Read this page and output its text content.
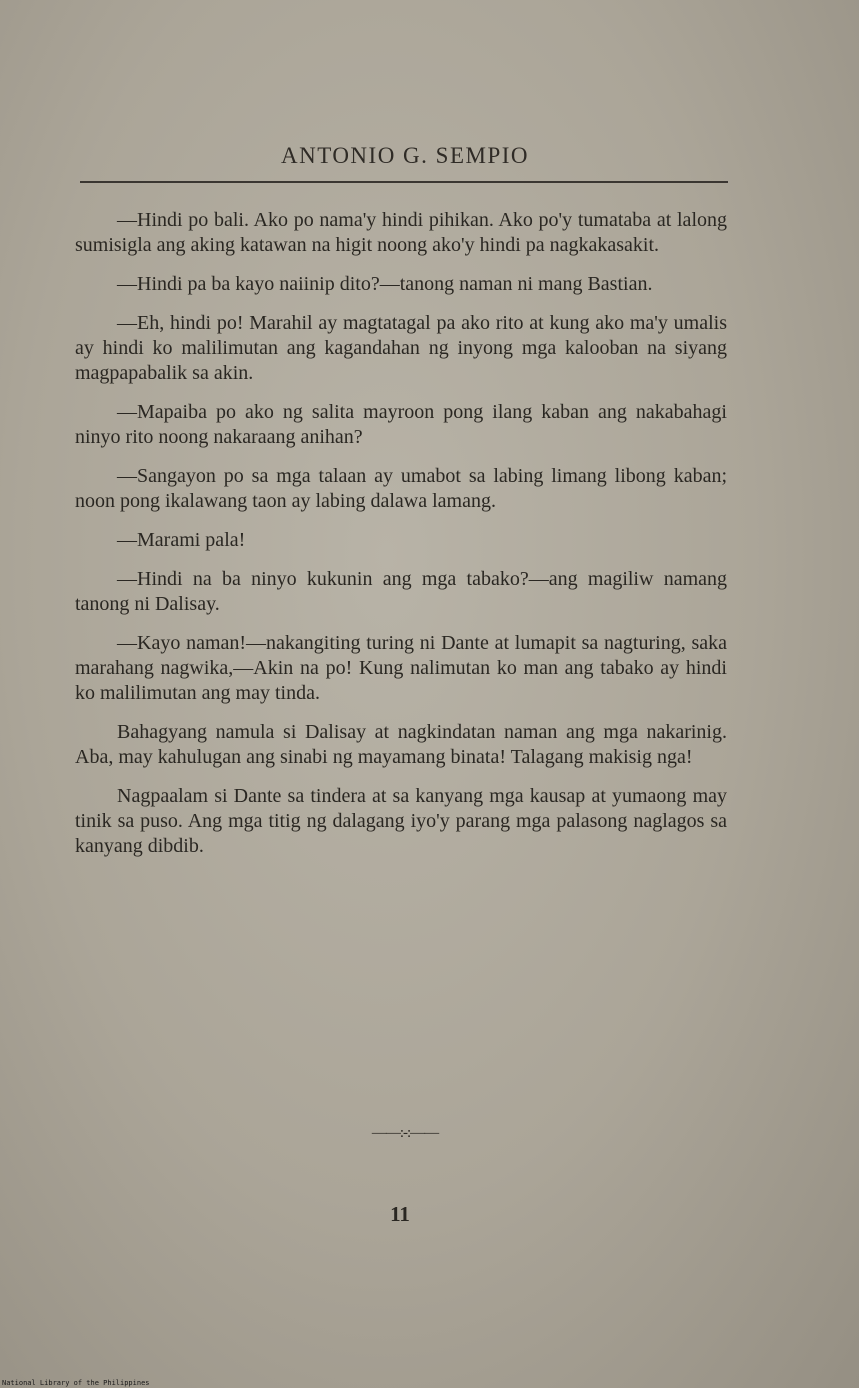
ANTONIO G. SEMPIO

—Hindi po bali. Ako po nama'y hindi pihikan. Ako po'y tumataba at lalong sumisigla ang aking katawan na higit noong ako'y hindi pa nagkakasakit.

—Hindi pa ba kayo naiinip dito?—tanong naman ni mang Bastian.

—Eh, hindi po! Marahil ay magtatagal pa ako rito at kung ako ma'y umalis ay hindi ko malilimutan ang kagandahan ng inyong mga kalooban na siyang magpapabalik sa akin.

—Mapaiba po ako ng salita mayroon pong ilang kaban ang nakabahagi ninyo rito noong nakaraang anihan?

—Sangayon po sa mga talaan ay umabot sa labing limang libong kaban; noon pong ikalawang taon ay labing dalawa lamang.

—Marami pala!

—Hindi na ba ninyo kukunin ang mga tabako?—ang magiliw namang tanong ni Dalisay.

—Kayo naman!—nakangiting turing ni Dante at lumapit sa nagturing, saka marahang nagwika,—Akin na po! Kung nalimutan ko man ang tabako ay hindi ko malilimutan ang may tinda.

Bahagyang namula si Dalisay at nagkindatan naman ang mga nakarinig. Aba, may kahulugan ang sinabi ng mayamang binata! Talagang makisig nga!

Nagpaalam si Dante sa tindera at sa kanyang mga kausap at yumaong may tinik sa puso. Ang mga titig ng dalagang iyo'y parang mga palasong naglagos sa kanyang dibdib.

——:-:——
11
National Library of the Philippines
